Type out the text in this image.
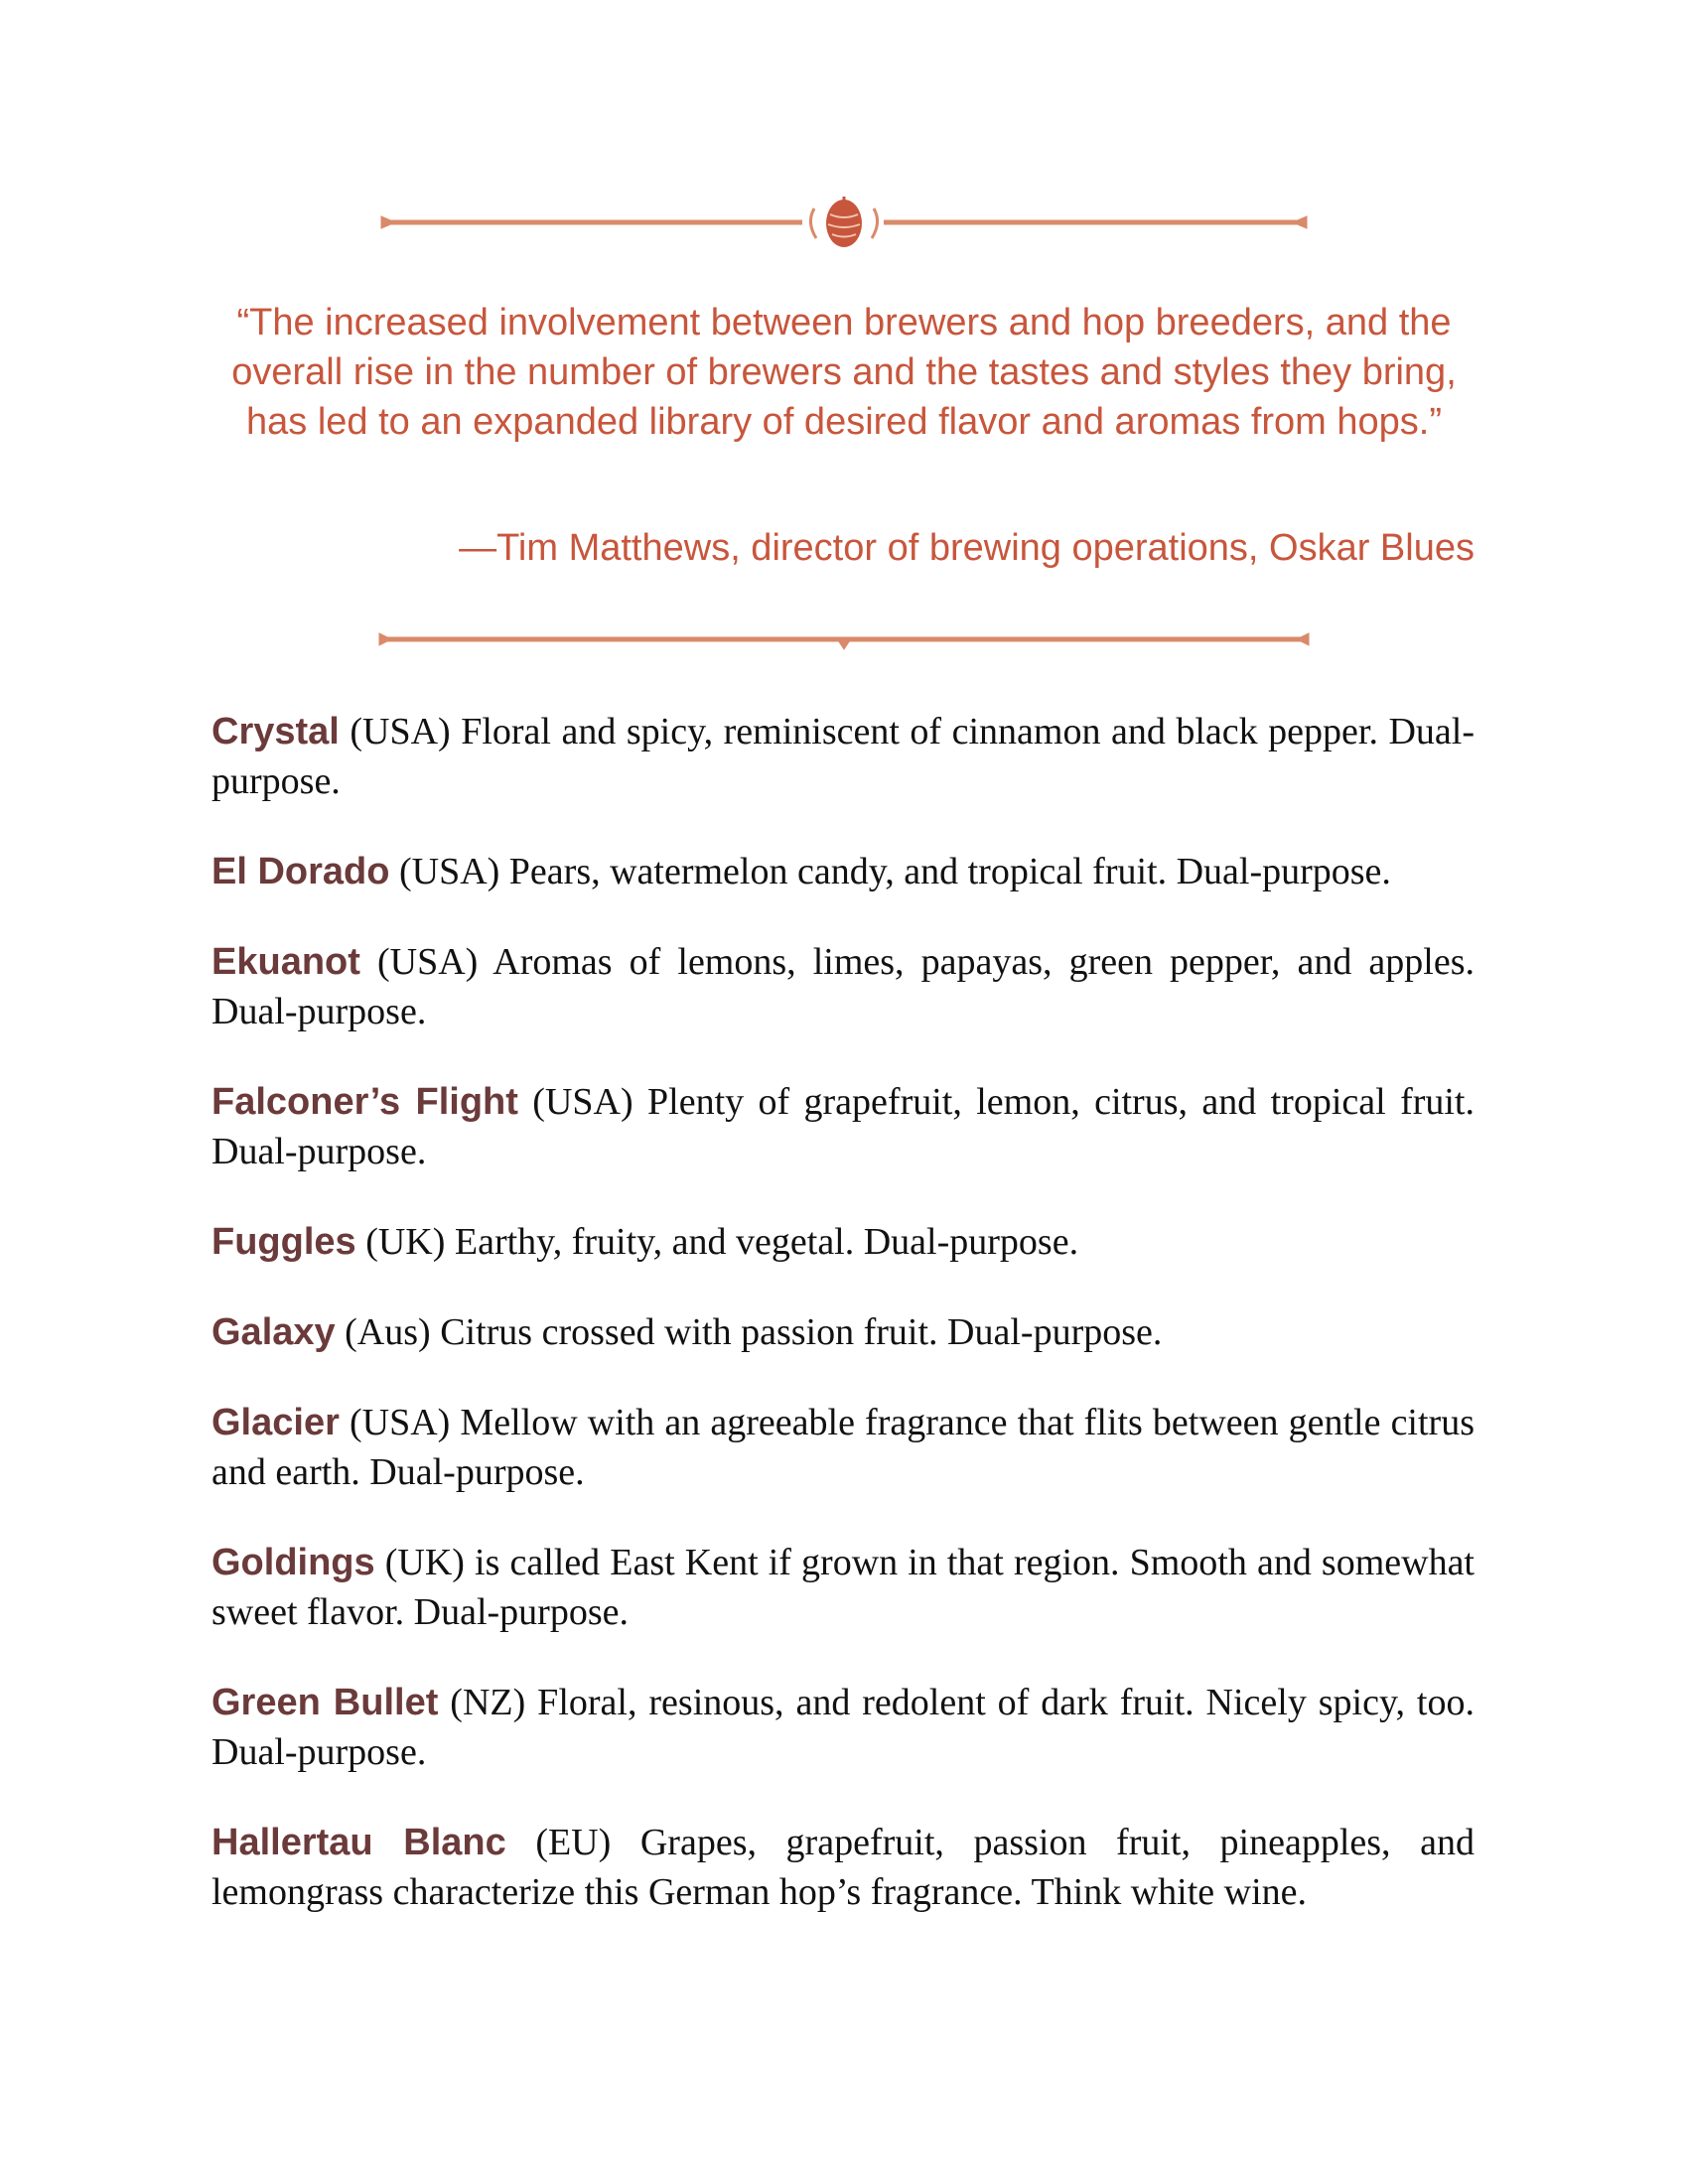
“The increased involvement between brewers and hop breeders, and the overall rise in the number of brewers and the tastes and styles they bring, has led to an expanded library of desired flavor and aromas from hops.”

—Tim Matthews, director of brewing operations, Oskar Blues

Crystal (USA) Floral and spicy, reminiscent of cinnamon and black pepper. Dual-purpose.

El Dorado (USA) Pears, watermelon candy, and tropical fruit. Dual-purpose.

Ekuanot (USA) Aromas of lemons, limes, papayas, green pepper, and apples. Dual-purpose.

Falconer’s Flight (USA) Plenty of grapefruit, lemon, citrus, and tropical fruit. Dual-purpose.

Fuggles (UK) Earthy, fruity, and vegetal. Dual-purpose.

Galaxy (Aus) Citrus crossed with passion fruit. Dual-purpose.

Glacier (USA) Mellow with an agreeable fragrance that flits between gentle citrus and earth. Dual-purpose.

Goldings (UK) is called East Kent if grown in that region. Smooth and somewhat sweet flavor. Dual-purpose.

Green Bullet (NZ) Floral, resinous, and redolent of dark fruit. Nicely spicy, too. Dual-purpose.

Hallertau Blanc (EU) Grapes, grapefruit, passion fruit, pineapples, and lemongrass characterize this German hop’s fragrance. Think white wine.
